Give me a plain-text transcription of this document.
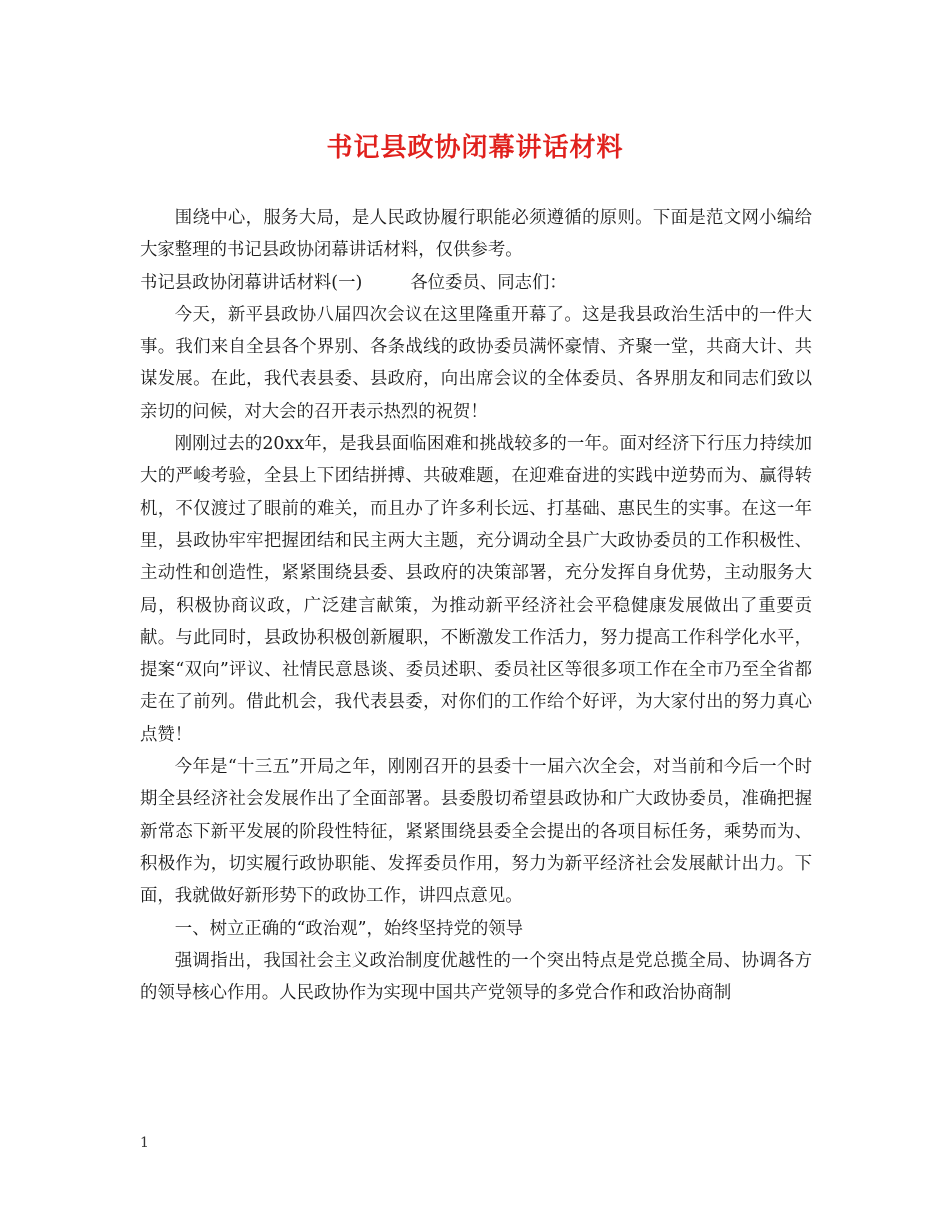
书记县政协闭幕讲话材料

围绕中心，服务大局，是人民政协履行职能必须遵循的原则。下面是范文网小编给大家整理的书记县政协闭幕讲话材料，仅供参考。

书记县政协闭幕讲话材料(一)	各位委员、同志们：

今天，新平县政协八届四次会议在这里隆重开幕了。这是我县政治生活中的一件大事。我们来自全县各个界别、各条战线的政协委员满怀豪情、齐聚一堂，共商大计、共谋发展。在此，我代表县委、县政府，向出席会议的全体委员、各界朋友和同志们致以亲切的问候，对大会的召开表示热烈的祝贺！

刚刚过去的20xx年，是我县面临困难和挑战较多的一年。面对经济下行压力持续加大的严峻考验，全县上下团结拼搏、共破难题，在迎难奋进的实践中逆势而为、赢得转机，不仅渡过了眼前的难关，而且办了许多利长远、打基础、惠民生的实事。在这一年里，县政协牢牢把握团结和民主两大主题，充分调动全县广大政协委员的工作积极性、主动性和创造性，紧紧围绕县委、县政府的决策部署，充分发挥自身优势，主动服务大局，积极协商议政，广泛建言献策，为推动新平经济社会平稳健康发展做出了重要贡献。与此同时，县政协积极创新履职，不断激发工作活力，努力提高工作科学化水平，提案“双向”评议、社情民意恳谈、委员述职、委员社区等很多项工作在全市乃至全省都走在了前列。借此机会，我代表县委，对你们的工作给个好评，为大家付出的努力真心点赞！

今年是“十三五”开局之年，刚刚召开的县委十一届六次全会，对当前和今后一个时期全县经济社会发展作出了全面部署。县委殷切希望县政协和广大政协委员，准确把握新常态下新平发展的阶段性特征，紧紧围绕县委全会提出的各项目标任务，乘势而为、积极作为，切实履行政协职能、发挥委员作用，努力为新平经济社会发展献计出力。下面，我就做好新形势下的政协工作，讲四点意见。

一、树立正确的“政治观”，始终坚持党的领导

强调指出，我国社会主义政治制度优越性的一个突出特点是党总揽全局、协调各方的领导核心作用。人民政协作为实现中国共产党领导的多党合作和政治协商制

1
